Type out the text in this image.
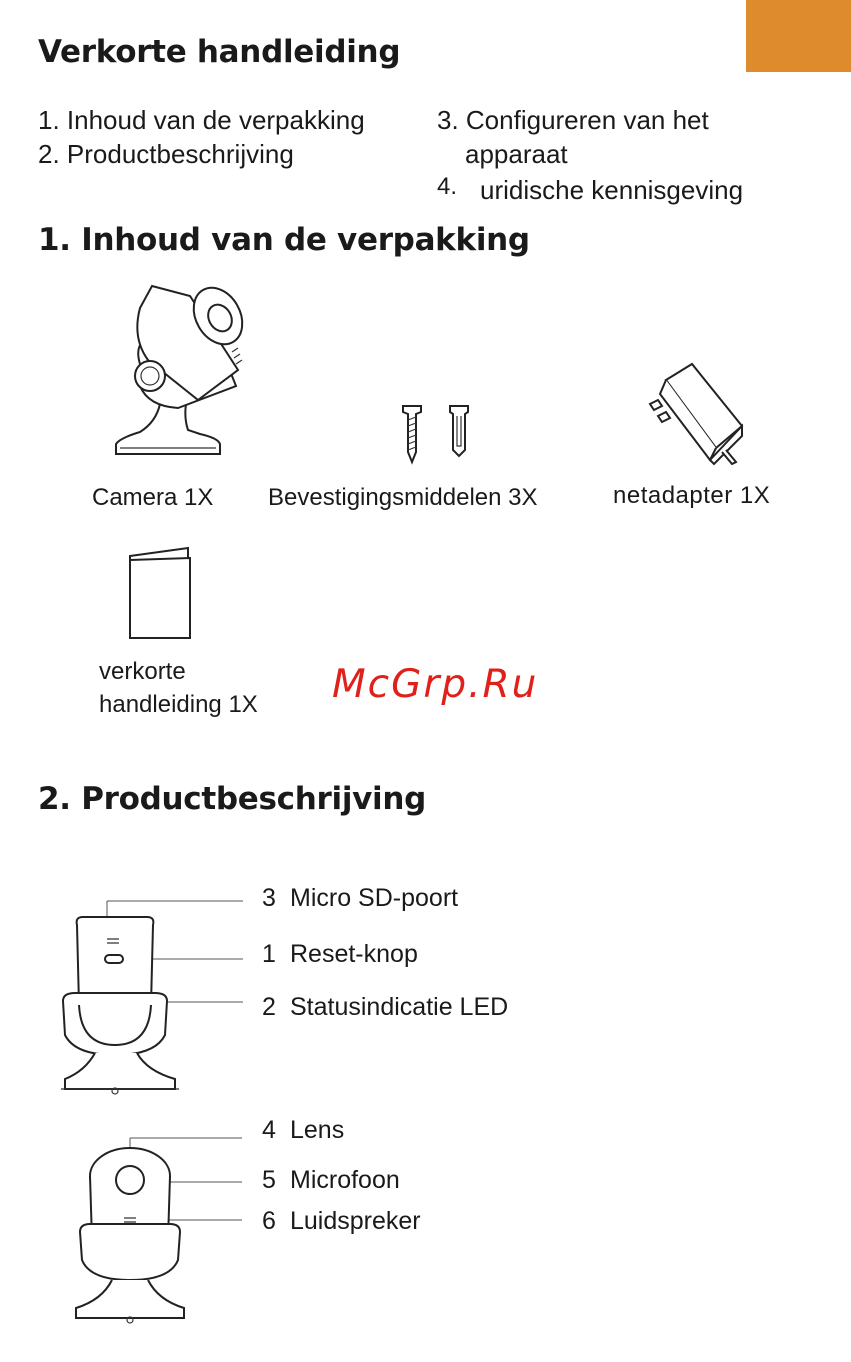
Verkorte handleiding
1. Inhoud van de verpakking
2. Productbeschrijving
3. Configureren van het
apparaat
4. uridische kennisgeving
1. Inhoud van de verpakking
Camera 1X Bevestigingsmiddelen 3X	netadapter 1X
verkorte
handleiding 1X McGrp.Ru
2. Productbeschrijving
3 Micro SD-poort
1 Reset-knop
2 Statusindicatie LED
4 Lens
5 Microfoon
6 Luidspreker
